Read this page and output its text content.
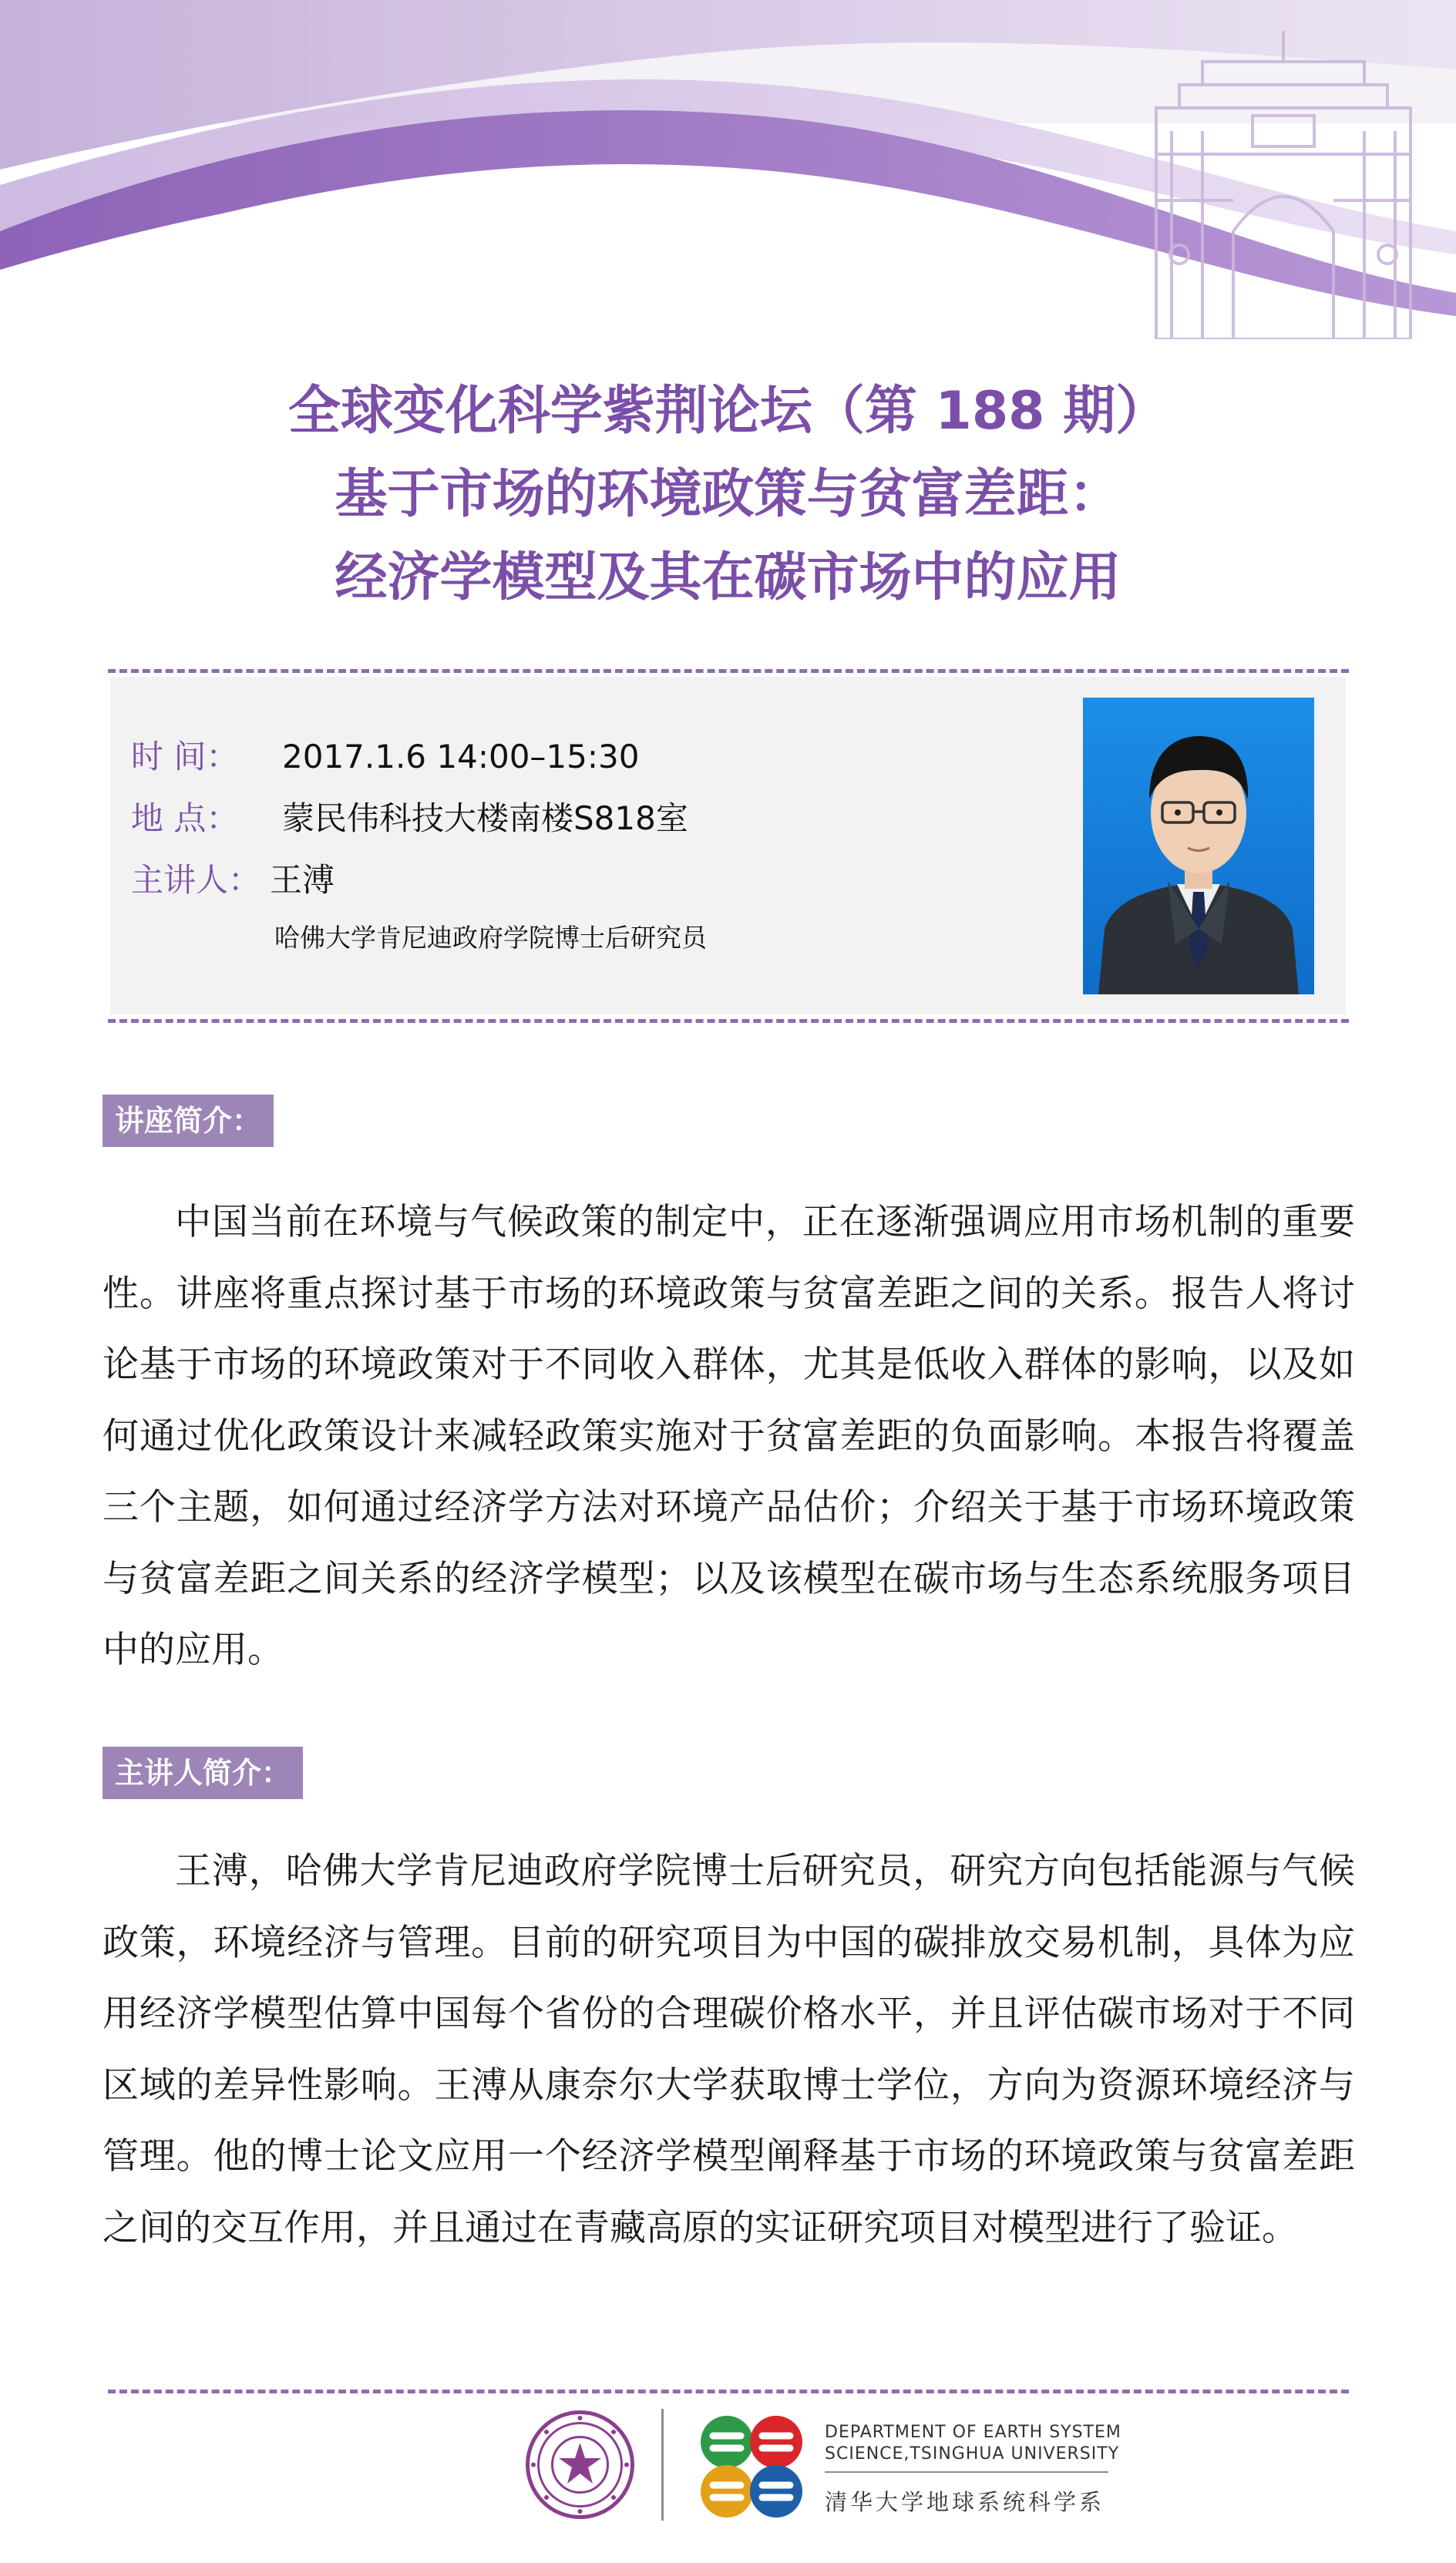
全球变化科学紫荆论坛（第 188 期）
基于市场的环境政策与贫富差距：
经济学模型及其在碳市场中的应用
时 间： 2017.1.6 14:00–15:30
地 点： 蒙民伟科技大楼南楼S818室
主讲人： 王溥
哈佛大学肯尼迪政府学院博士后研究员
讲座简介：
中国当前在环境与气候政策的制定中，正在逐渐强调应用市场机制的重要性。讲座将重点探讨基于市场的环境政策与贫富差距之间的关系。报告人将讨论基于市场的环境政策对于不同收入群体，尤其是低收入群体的影响，以及如何通过优化政策设计来减轻政策实施对于贫富差距的负面影响。本报告将覆盖三个主题，如何通过经济学方法对环境产品估价；介绍关于基于市场环境政策与贫富差距之间关系的经济学模型；以及该模型在碳市场与生态系统服务项目中的应用。
主讲人简介：
王溥，哈佛大学肯尼迪政府学院博士后研究员，研究方向包括能源与气候政策，环境经济与管理。目前的研究项目为中国的碳排放交易机制，具体为应用经济学模型估算中国每个省份的合理碳价格水平，并且评估碳市场对于不同区域的差异性影响。王溥从康奈尔大学获取博士学位，方向为资源环境经济与管理。他的博士论文应用一个经济学模型阐释基于市场的环境政策与贫富差距之间的交互作用，并且通过在青藏高原的实证研究项目对模型进行了验证。
DEPARTMENT OF EARTH SYSTEM
SCIENCE,TSINGHUA UNIVERSITY
清华大学地球系统科学系
